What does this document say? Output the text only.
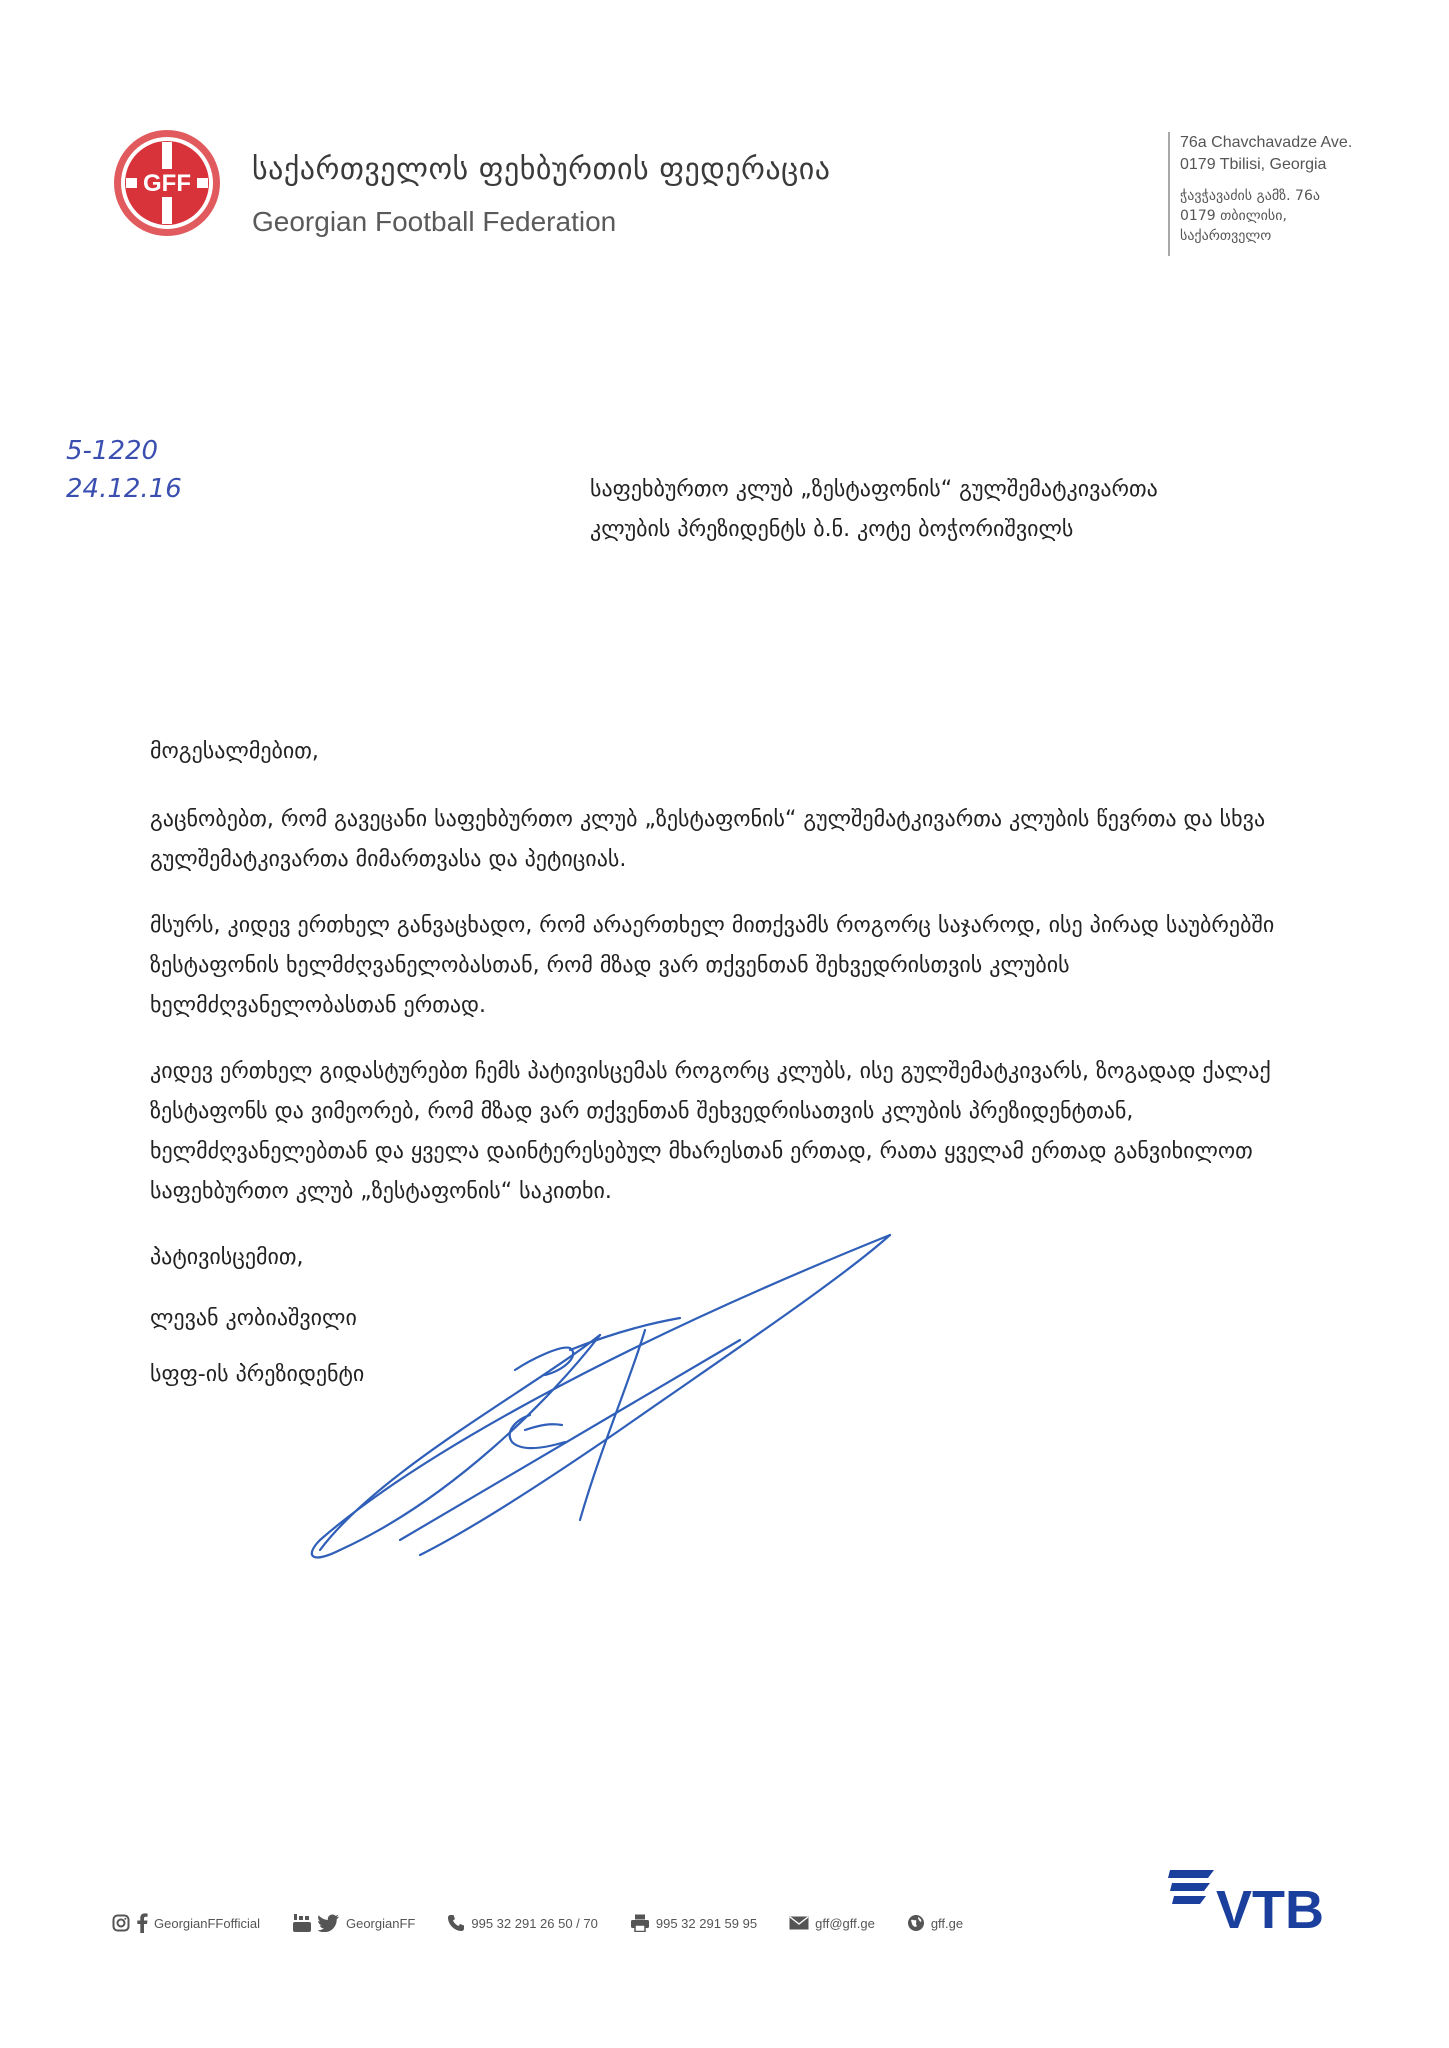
GFF საქართველოს ფეხბურთის ფედერაცია
Georgian Football Federation
76a Chavchavadze Ave.
0179 Tbilisi, Georgia
ჭავჭავაძის გამზ. 76ა
0179 თბილისი,
საქართველო
5-1220
24.12.16	საფეხბურთო კლუბ „ზესტაფონის“ გულშემატკივართა
კლუბის პრეზიდენტს ბ.ნ. კოტე ბოჭორიშვილს

მოგესალმებით,

გაცნობებთ, რომ გავეცანი საფეხბურთო კლუბ „ზესტაფონის“ გულშემატკივართა კლუბის წევრთა და სხვა გულშემატკივართა მიმართვასა და პეტიციას.

მსურს, კიდევ ერთხელ განვაცხადო, რომ არაერთხელ მითქვამს როგორც საჯაროდ, ისე პირად საუბრებში ზესტაფონის ხელმძღვანელობასთან, რომ მზად ვარ თქვენთან შეხვედრისთვის კლუბის ხელმძღვანელობასთან ერთად.

კიდევ ერთხელ გიდასტურებთ ჩემს პატივისცემას როგორც კლუბს, ისე გულშემატკივარს, ზოგადად ქალაქ ზესტაფონს და ვიმეორებ, რომ მზად ვარ თქვენთან შეხვედრისათვის კლუბის პრეზიდენტთან, ხელმძღვანელებთან და ყველა დაინტერესებულ მხარესთან ერთად, რათა ყველამ ერთად განვიხილოთ საფეხბურთო კლუბ „ზესტაფონის“ საკითხი.

პატივისცემით,

ლევან კობიაშვილი
სფფ-ის პრეზიდენტი
GeorgianFFofficial	GeorgianFF	995 32 291 26 50 / 70	995 32 291 59 95	gff@gff.ge	gff.ge	VTB
